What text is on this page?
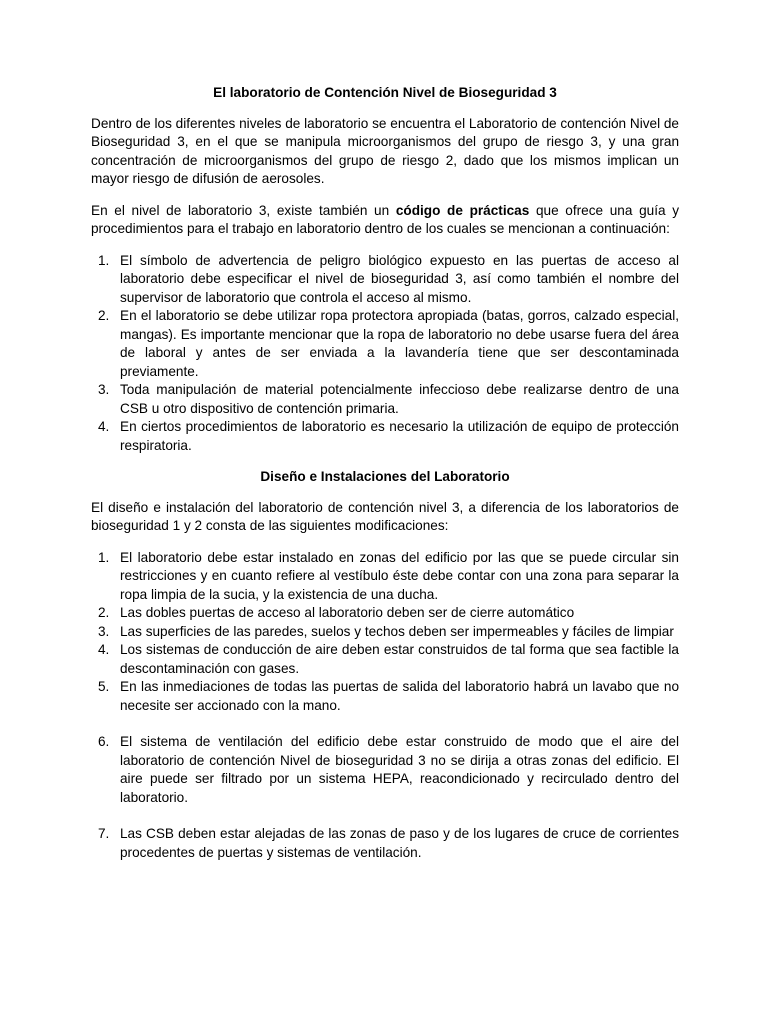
El laboratorio de Contención Nivel de Bioseguridad 3

Dentro de los diferentes niveles de laboratorio se encuentra el Laboratorio de contención Nivel de Bioseguridad 3, en el que se manipula microorganismos del grupo de riesgo 3, y una gran concentración de microorganismos del grupo de riesgo 2, dado que los mismos implican un mayor riesgo de difusión de aerosoles.

En el nivel de laboratorio 3, existe también un código de prácticas que ofrece una guía y procedimientos para el trabajo en laboratorio dentro de los cuales se mencionan a continuación:

1. El símbolo de advertencia de peligro biológico expuesto en las puertas de acceso al laboratorio debe especificar el nivel de bioseguridad 3, así como también el nombre del supervisor de laboratorio que controla el acceso al mismo.
2. En el laboratorio se debe utilizar ropa protectora apropiada (batas, gorros, calzado especial, mangas). Es importante mencionar que la ropa de laboratorio no debe usarse fuera del área de laboral y antes de ser enviada a la lavandería tiene que ser descontaminada previamente.
3. Toda manipulación de material potencialmente infeccioso debe realizarse dentro de una CSB u otro dispositivo de contención primaria.
4. En ciertos procedimientos de laboratorio es necesario la utilización de equipo de protección respiratoria.
Diseño e Instalaciones del Laboratorio

El diseño e instalación del laboratorio de contención nivel 3, a diferencia de los laboratorios de bioseguridad 1 y 2 consta de las siguientes modificaciones:

1. El laboratorio debe estar instalado en zonas del edificio por las que se puede circular sin restricciones y en cuanto refiere al vestíbulo éste debe contar con una zona para separar la ropa limpia de la sucia, y la existencia de una ducha.
2. Las dobles puertas de acceso al laboratorio deben ser de cierre automático
3. Las superficies de las paredes, suelos y techos deben ser impermeables y fáciles de limpiar
4. Los sistemas de conducción de aire deben estar construidos de tal forma que sea factible la descontaminación con gases.
5. En las inmediaciones de todas las puertas de salida del laboratorio habrá un lavabo que no necesite ser accionado con la mano.
6. El sistema de ventilación del edificio debe estar construido de modo que el aire del laboratorio de contención Nivel de bioseguridad 3 no se dirija a otras zonas del edificio. El aire puede ser filtrado por un sistema HEPA, reacondicionado y recirculado dentro del laboratorio.
7. Las CSB deben estar alejadas de las zonas de paso y de los lugares de cruce de corrientes procedentes de puertas y sistemas de ventilación.
